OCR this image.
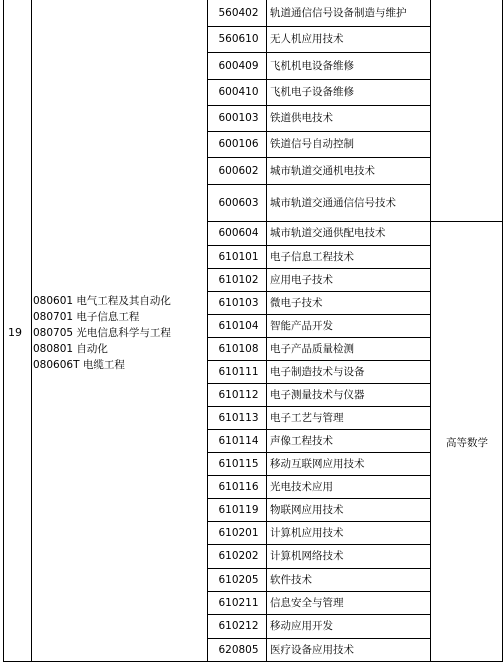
19
080601 电气工程及其自动化
080701 电子信息工程
080705 光电信息科学与工程
080801 自动化
080606T 电缆工程
高等数学
560402	轨道通信信号设备制造与维护
560610	无人机应用技术
600409	飞机机电设备维修
600410	飞机电子设备维修
600103	铁道供电技术
600106	铁道信号自动控制
600602	城市轨道交通机电技术
600603	城市轨道交通通信信号技术
600604	城市轨道交通供配电技术
610101	电子信息工程技术
610102	应用电子技术
610103	微电子技术
610104	智能产品开发
610108	电子产品质量检测
610111	电子制造技术与设备
610112	电子测量技术与仪器
610113	电子工艺与管理
610114	声像工程技术
610115	移动互联网应用技术
610116	光电技术应用
610119	物联网应用技术
610201	计算机应用技术
610202	计算机网络技术
610205	软件技术
610211	信息安全与管理
610212	移动应用开发
620805	医疗设备应用技术
